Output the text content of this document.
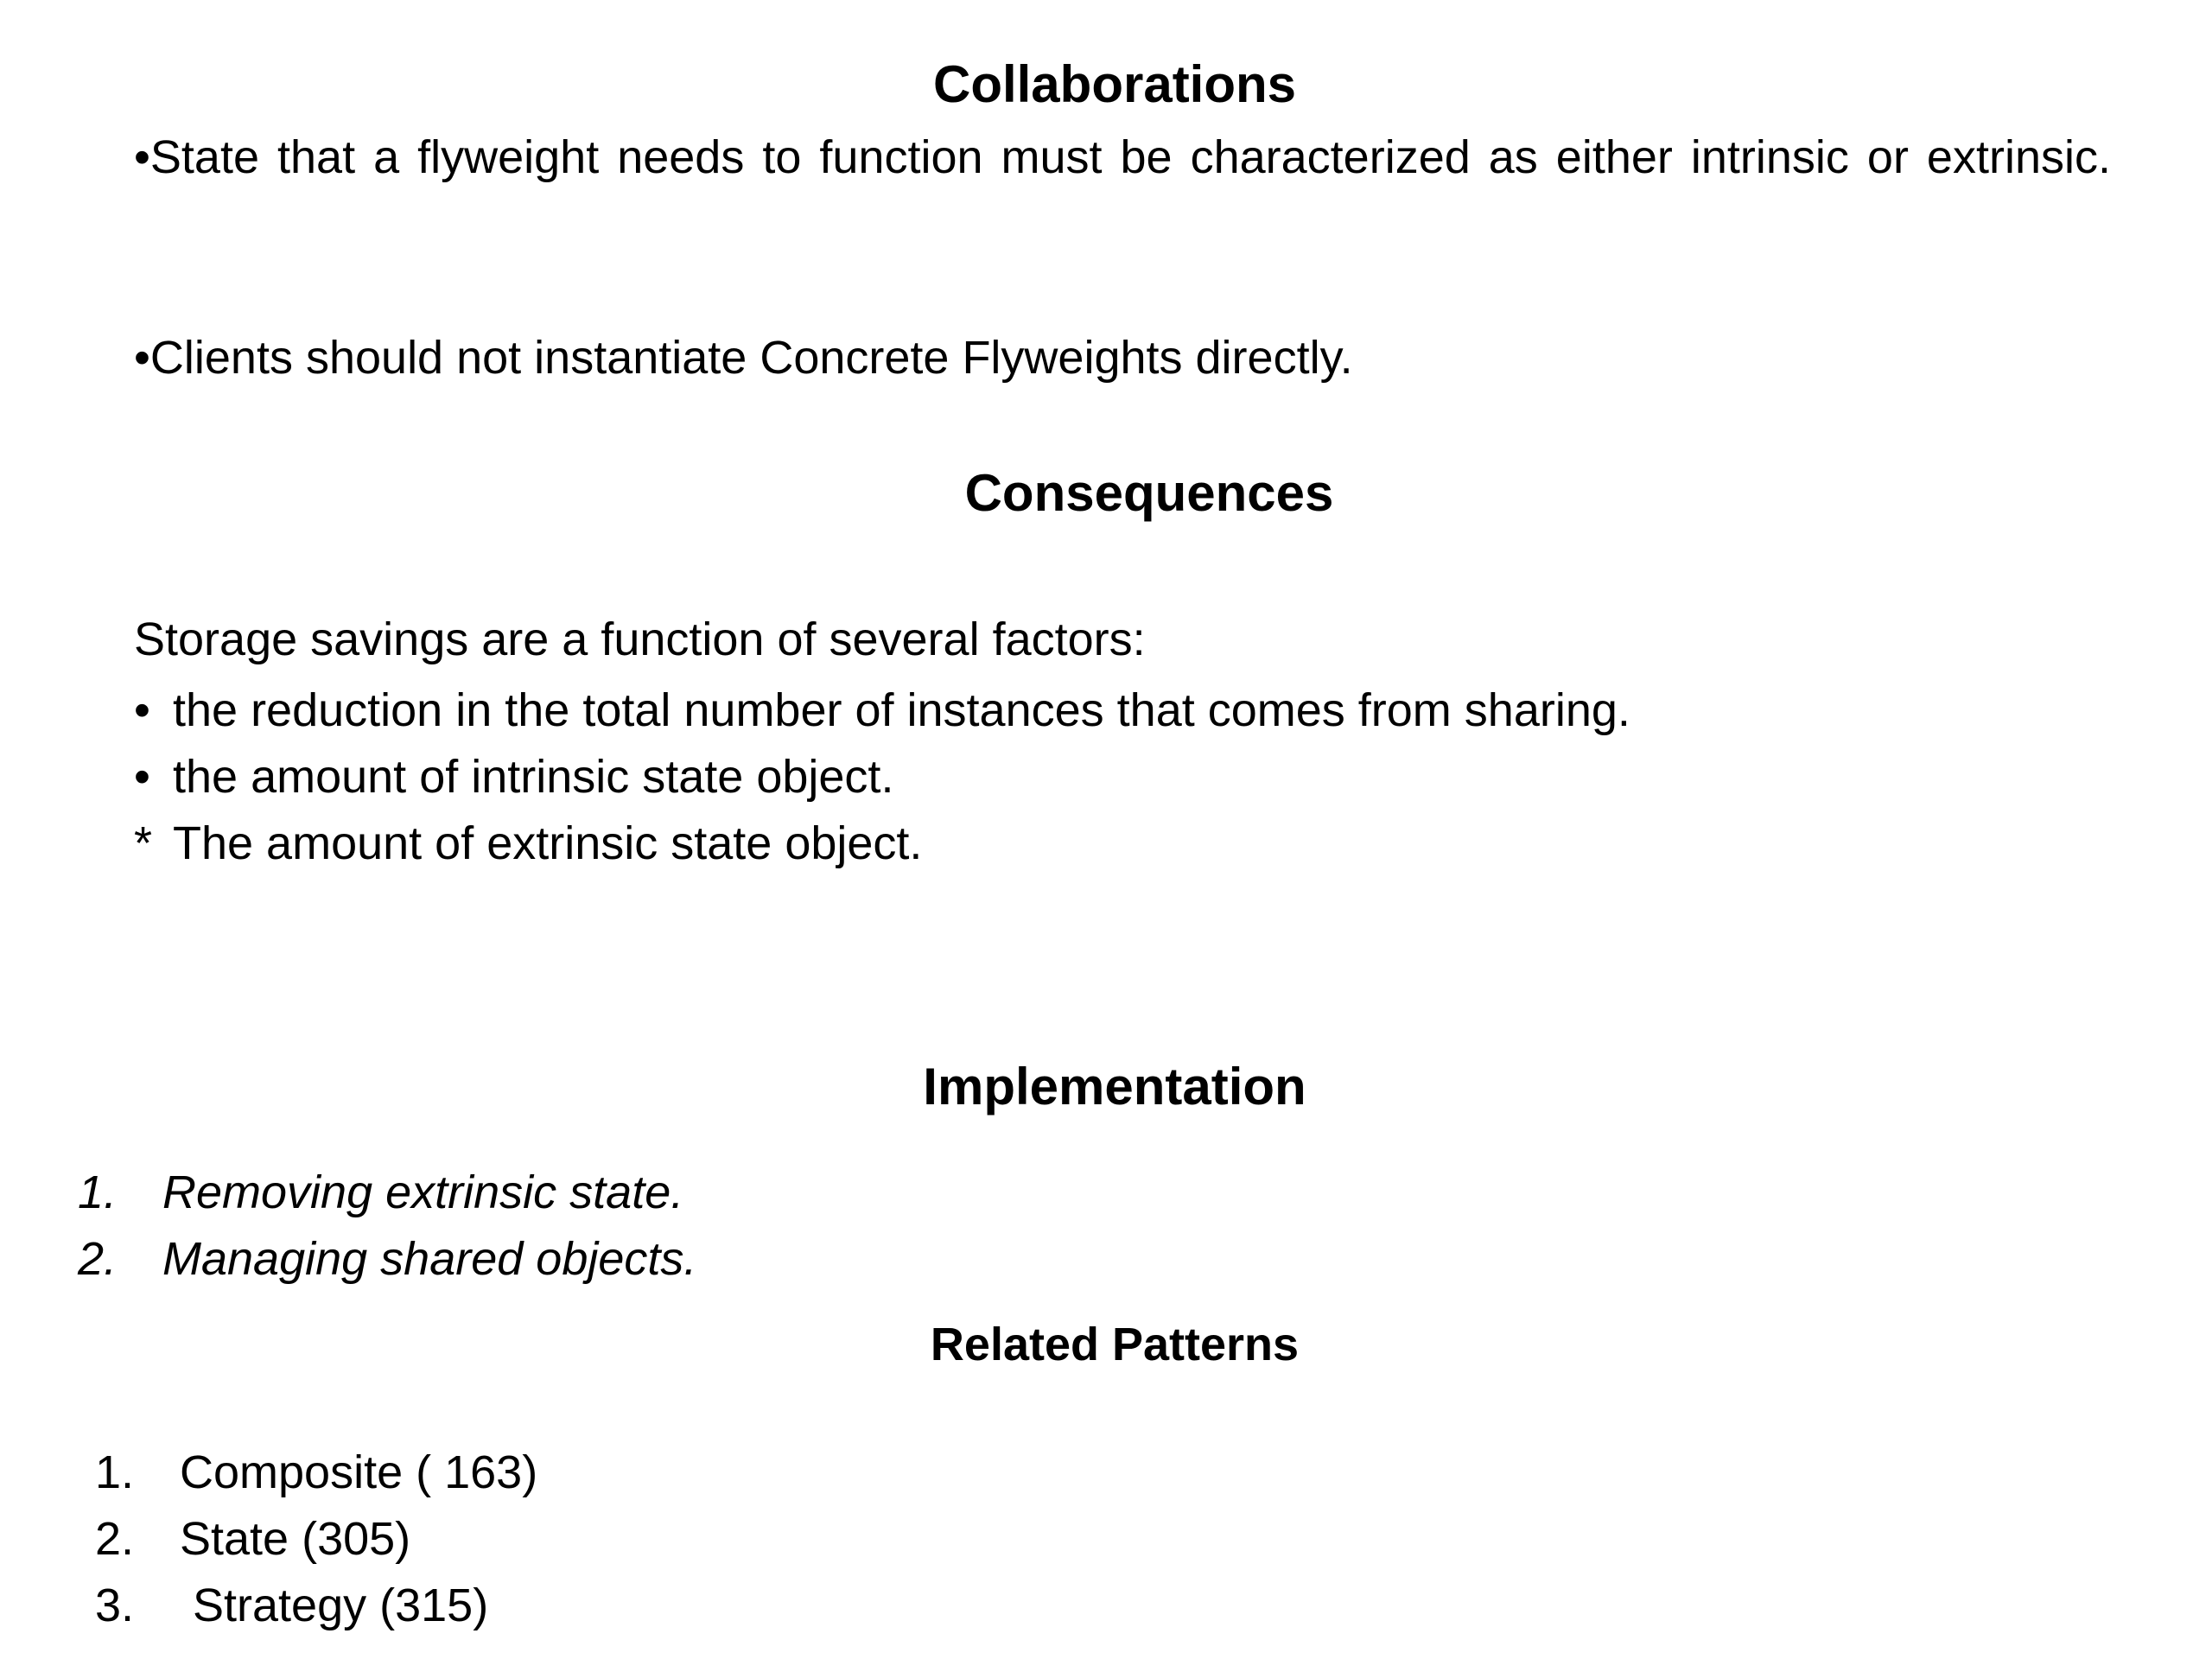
Collaborations

•State that a flyweight needs to function must be characterized as either intrinsic or extrinsic.

•Clients should not instantiate Concrete Flyweights directly.

Consequences

Storage savings are a function of several factors:

• the reduction in the total number of instances that comes from sharing.
• the amount of intrinsic state object.
* The amount of extrinsic state object.
Implementation
1. Removing extrinsic state.
2. Managing shared objects.
Related Patterns
1. Composite ( 163)
2. State (305)
3. Strategy (315)
